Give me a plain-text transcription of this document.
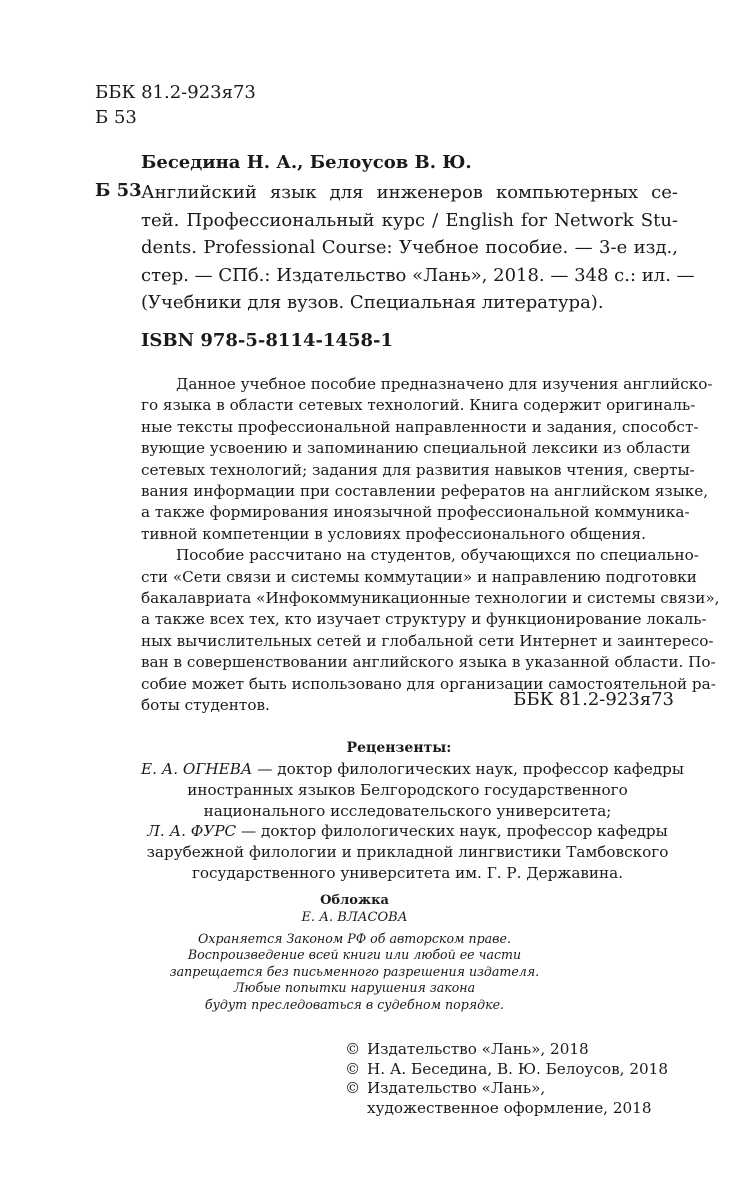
ББК 81.2-923я73
Б 53
Беседина Н. А., Белоусов В. Ю.
Б 53 Английский язык для инженеров компьютерных се-
тей. Профессиональный курс / English for Network Stu-
dents. Professional Course: Учебное пособие. — 3-е изд.,
стер. — СПб.: Издательство «Лань», 2018. — 348 с.: ил. —
(Учебники для вузов. Специальная литература).
ISBN 978-5-8114-1458-1
Данное учебное пособие предназначено для изучения английско-
го языка в области сетевых технологий. Книга содержит оригиналь-
ные тексты профессиональной направленности и задания, способст-
вующие усвоению и запоминанию специальной лексики из области
сетевых технологий; задания для развития навыков чтения, сверты-
вания информации при составлении рефератов на английском языке,
а также формирования иноязычной профессиональной коммуника-
тивной компетенции в условиях профессионального общения.
Пособие рассчитано на студентов, обучающихся по специально-
сти «Сети связи и системы коммутации» и направлению подготовки
бакалавриата «Инфокоммуникационные технологии и системы связи»,
а также всех тех, кто изучает структуру и функционирование локаль-
ных вычислительных сетей и глобальной сети Интернет и заинтересо-
ван в совершенствовании английского языка в указанной области. По-
собие может быть использовано для организации самостоятельной ра-
боты студентов.	ББК 81.2-923я73
Рецензенты:
Е. А. ОГНЕВА — доктор филологических наук, профессор кафедры
иностранных языков Белгородского государственного
национального исследовательского университета;
Л. А. ФУРС — доктор филологических наук, профессор кафедры
зарубежной филологии и прикладной лингвистики Тамбовского
государственного университета им. Г. Р. Державина.
Обложка
Е. А. ВЛАСОВА
Охраняется Законом РФ об авторском праве.
Воспроизведение всей книги или любой ее части
запрещается без письменного разрешения издателя.
Любые попытки нарушения закона
будут преследоваться в судебном порядке.
© Издательство «Лань», 2018
© Н. А. Беседина, В. Ю. Белоусов, 2018
© Издательство «Лань»,
художественное оформление, 2018
